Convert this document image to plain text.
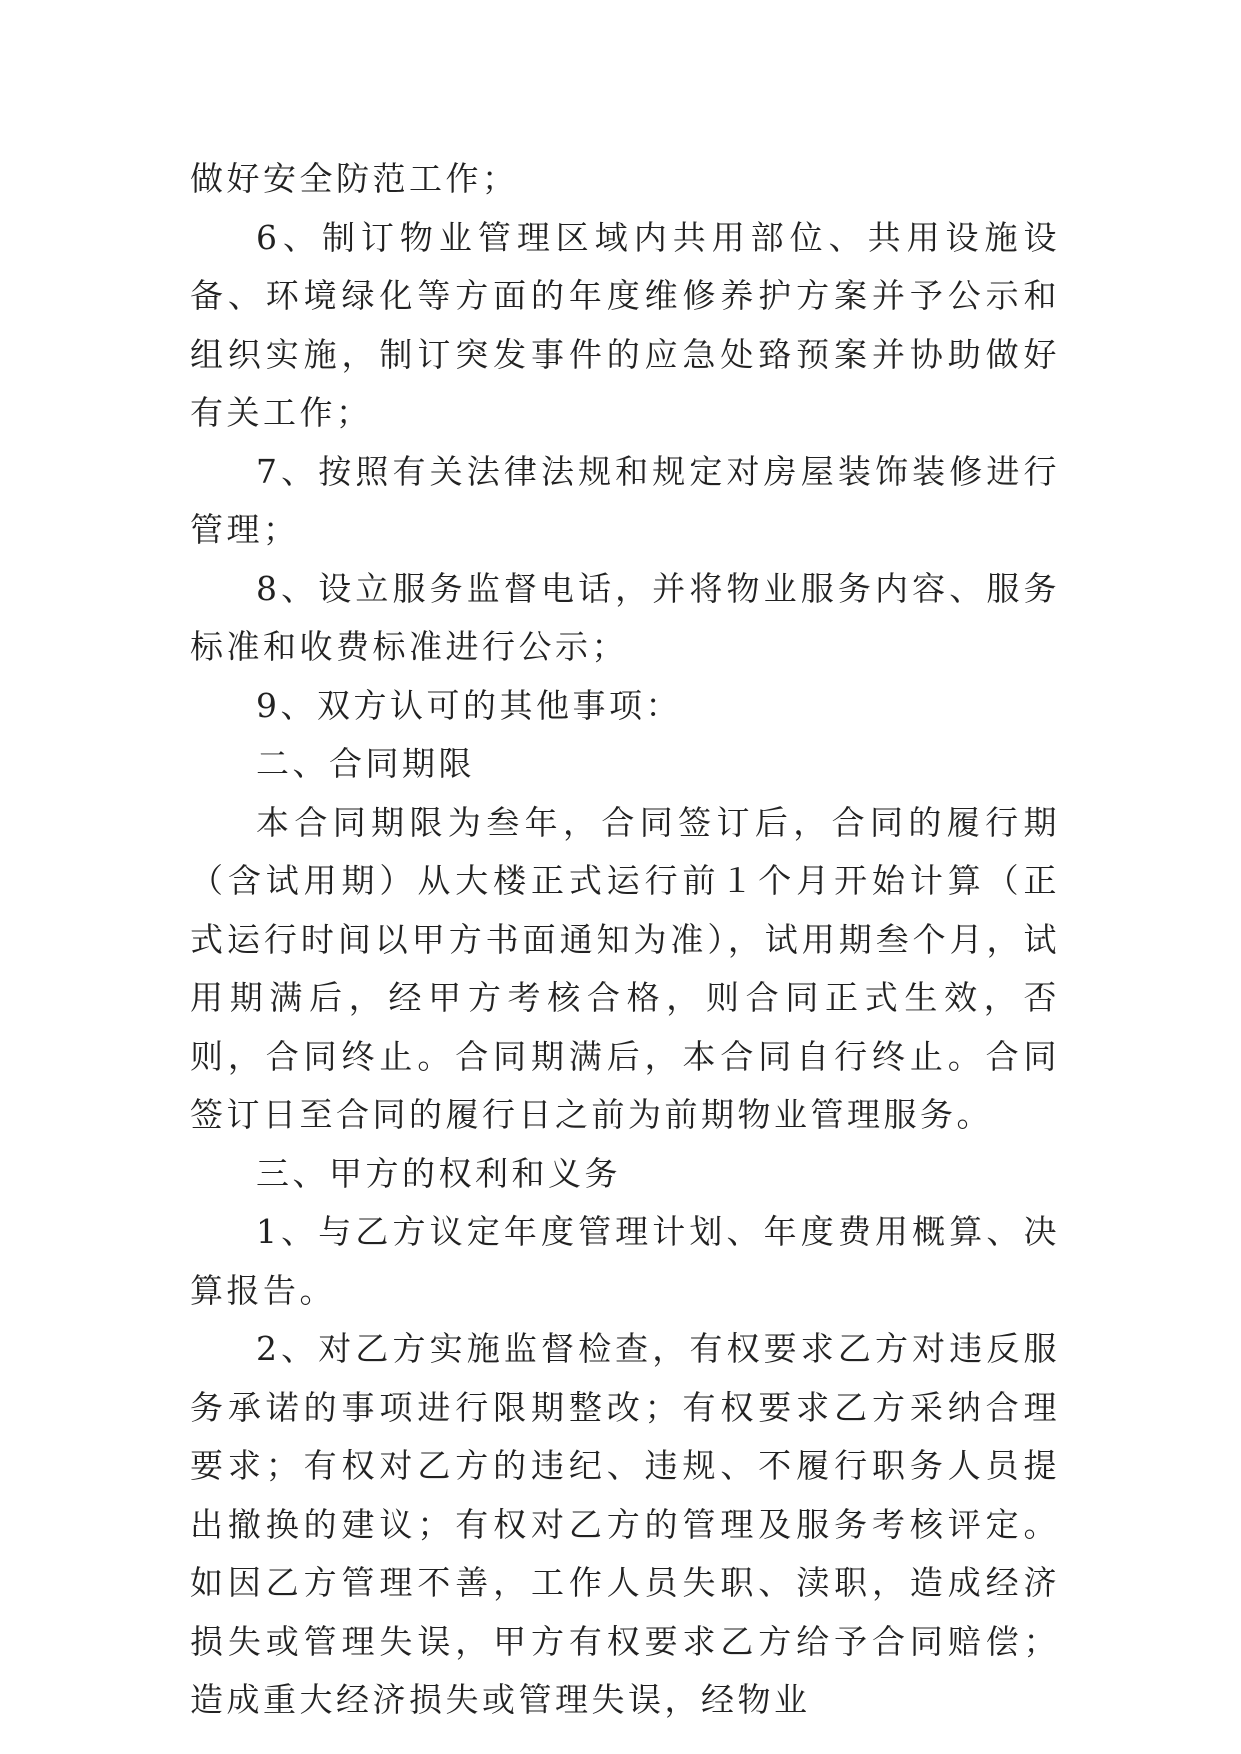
做好安全防范工作；

6、制订物业管理区域内共用部位、共用设施设备、环境绿化等方面的年度维修养护方案并予公示和组织实施，制订突发事件的应急处臵预案并协助做好有关工作；

7、按照有关法律法规和规定对房屋装饰装修进行管理；

8、设立服务监督电话，并将物业服务内容、服务标准和收费标准进行公示；

9、双方认可的其他事项：

二、合同期限

本合同期限为叁年，合同签订后，合同的履行期（含试用期）从大楼正式运行前１个月开始计算（正式运行时间以甲方书面通知为准），试用期叁个月，试用期满后，经甲方考核合格，则合同正式生效，否则，合同终止。合同期满后，本合同自行终止。合同签订日至合同的履行日之前为前期物业管理服务。

三、甲方的权利和义务

1、与乙方议定年度管理计划、年度费用概算、决算报告。

2、对乙方实施监督检查，有权要求乙方对违反服务承诺的事项进行限期整改；有权要求乙方采纳合理要求；有权对乙方的违纪、违规、不履行职务人员提出撤换的建议；有权对乙方的管理及服务考核评定。如因乙方管理不善，工作人员失职、渎职，造成经济损失或管理失误，甲方有权要求乙方给予合同赔偿；造成重大经济损失或管理失误，经物业
